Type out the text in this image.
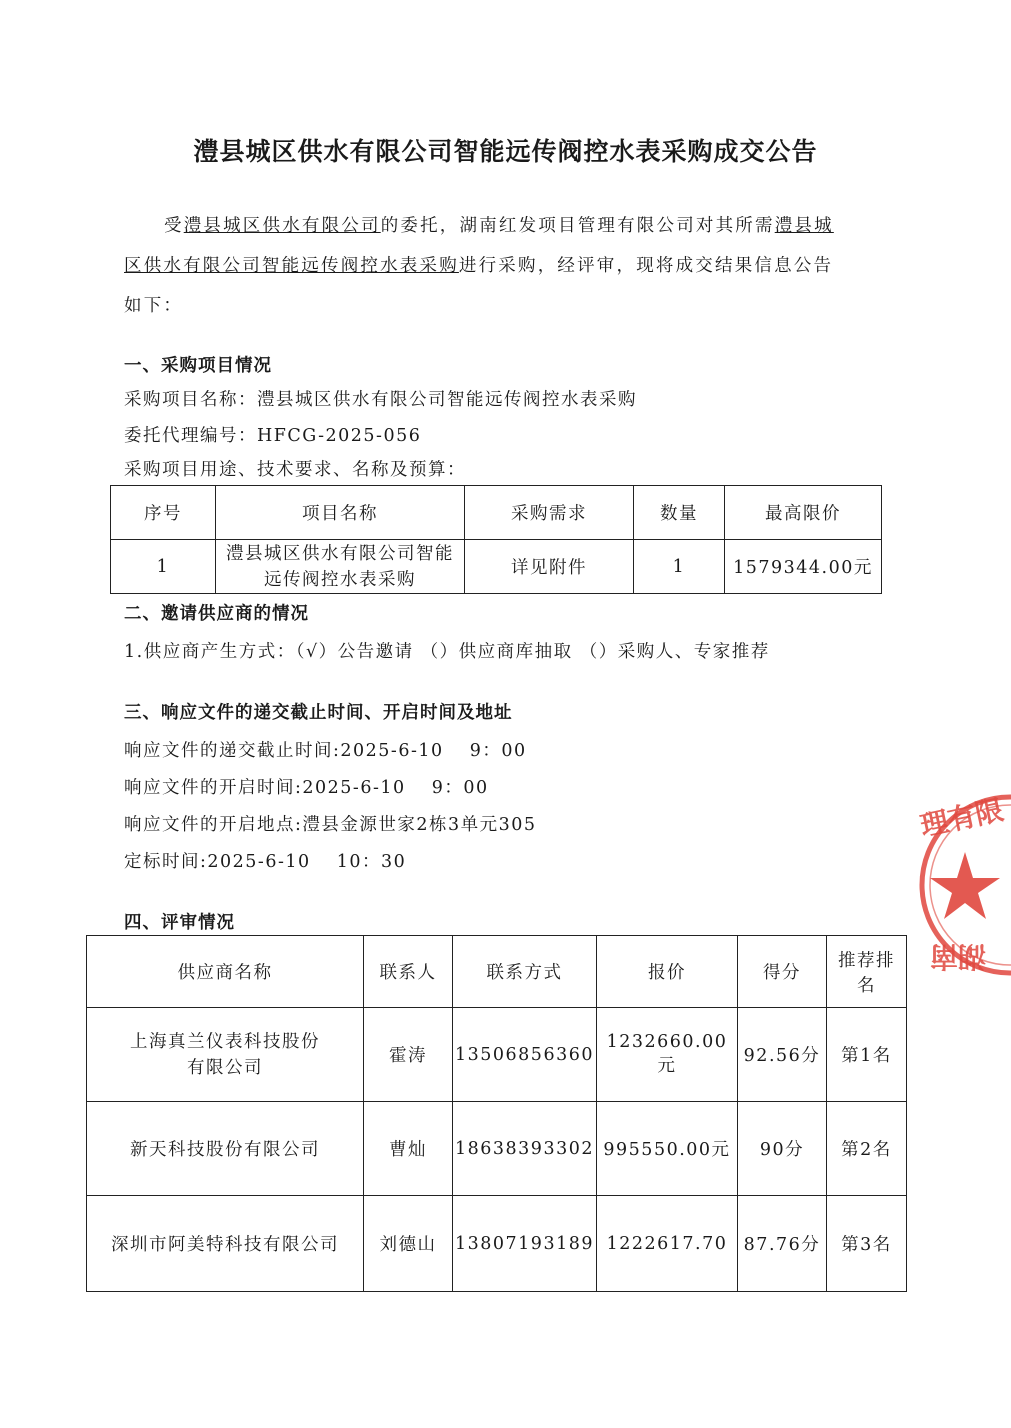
澧县城区供水有限公司智能远传阀控水表采购成交公告
受澧县城区供水有限公司的委托，湖南红发项目管理有限公司对其所需澧县城
区供水有限公司智能远传阀控水表采购进行采购，经评审，现将成交结果信息公告
如下：
一、采购项目情况
采购项目名称：澧县城区供水有限公司智能远传阀控水表采购
委托代理编号：HFCG-2025-056
采购项目用途、技术要求、名称及预算：
序号	项目名称	采购需求	数量	最高限价
1	澧县城区供水有限公司智能
远传阀控水表采购	详见附件	1	1579344.00元
二、邀请供应商的情况
1.供应商产生方式：（√）公告邀请 （）供应商库抽取 （）采购人、专家推荐
三、响应文件的递交截止时间、开启时间及地址
响应文件的递交截止时间:2025-6-10　 9：00
响应文件的开启时间:2025-6-10　 9：00
响应文件的开启地点:澧县金源世家2栋3单元305
定标时间:2025-6-10　 10：30
四、评审情况
供应商名称	联系人	联系方式	报价	得分	推荐排名
上海真兰仪表科技股份
有限公司	霍涛	13506856360	1232660.00元	92.56分	第1名
新天科技股份有限公司	曹灿	18638393302	995550.00元	90分	第2名
深圳市阿美特科技有限公司	刘德山	13807193189	1222617.70	87.76分	第3名
理有限
湖南
